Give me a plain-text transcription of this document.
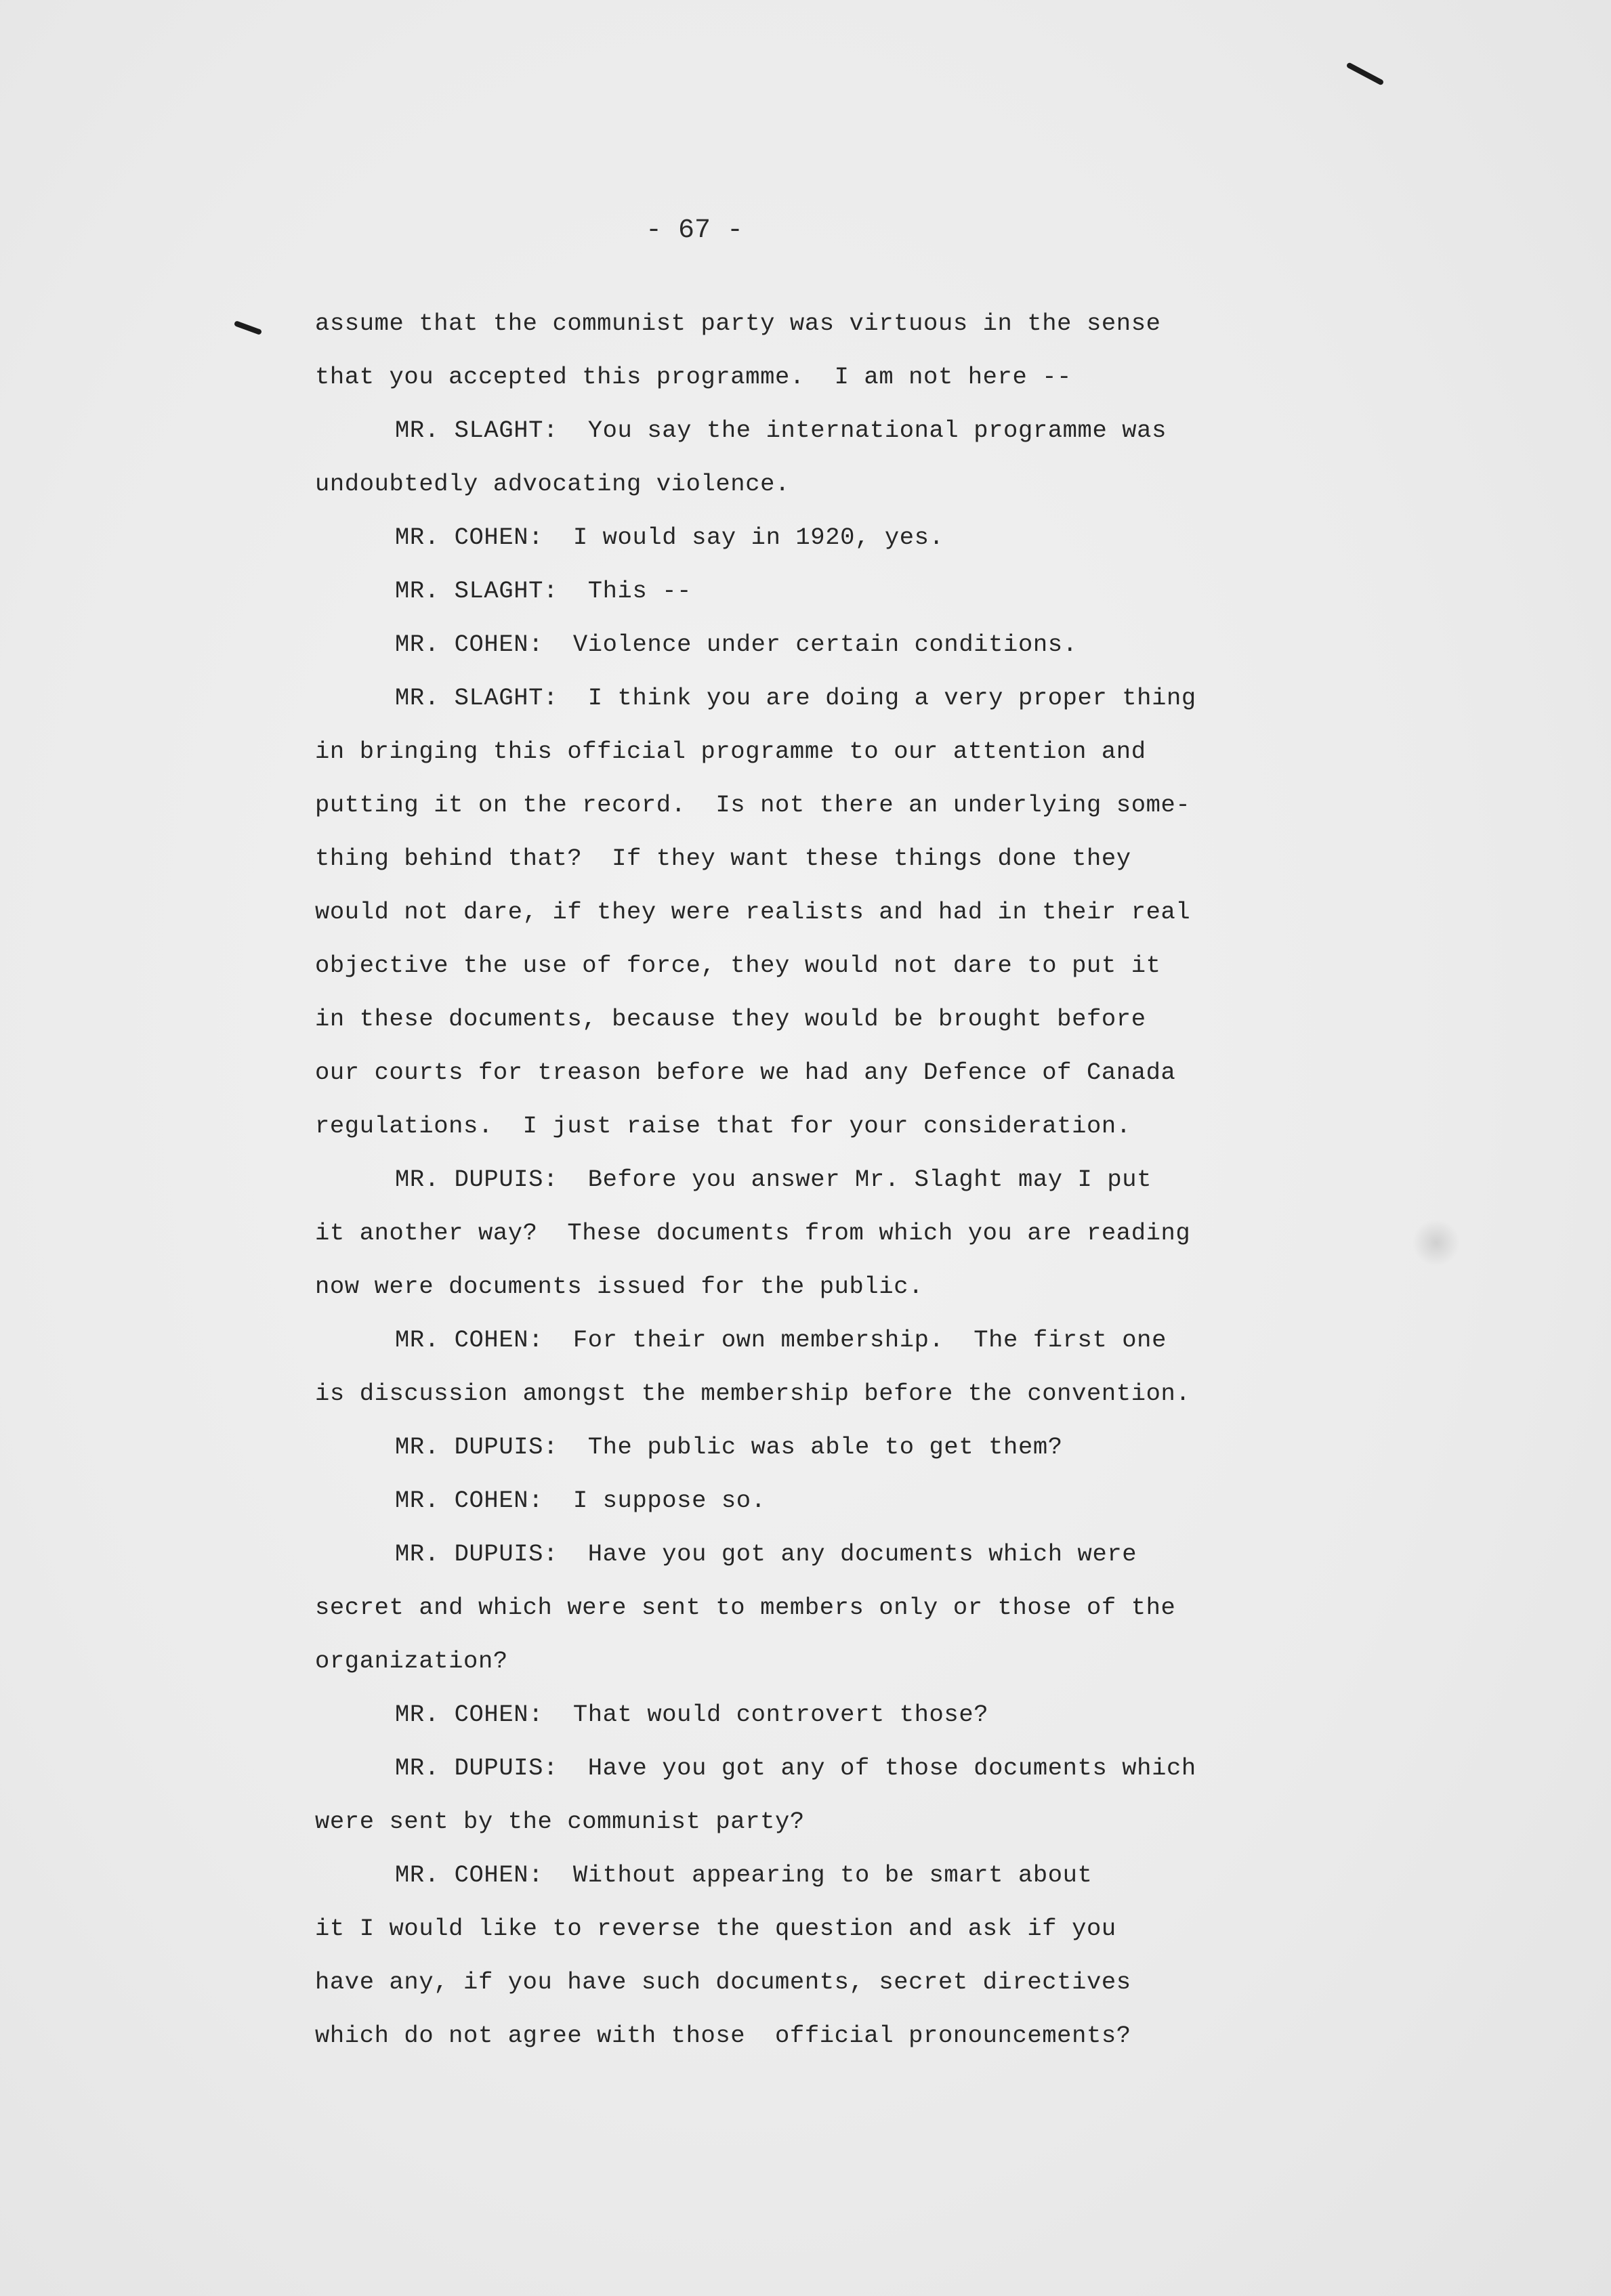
- 67 -
assume that the communist party was virtuous in the sense
that you accepted this programme.  I am not here --
MR. SLAGHT:  You say the international programme was
undoubtedly advocating violence.
MR. COHEN:  I would say in 1920, yes.
MR. SLAGHT:  This --
MR. COHEN:  Violence under certain conditions.
MR. SLAGHT:  I think you are doing a very proper thing
in bringing this official programme to our attention and
putting it on the record.  Is not there an underlying some-
thing behind that?  If they want these things done they
would not dare, if they were realists and had in their real
objective the use of force, they would not dare to put it
in these documents, because they would be brought before
our courts for treason before we had any Defence of Canada
regulations.  I just raise that for your consideration.
MR. DUPUIS:  Before you answer Mr. Slaght may I put
it another way?  These documents from which you are reading
now were documents issued for the public.
MR. COHEN:  For their own membership.  The first one
is discussion amongst the membership before the convention.
MR. DUPUIS:  The public was able to get them?
MR. COHEN:  I suppose so.
MR. DUPUIS:  Have you got any documents which were
secret and which were sent to members only or those of the
organization?
MR. COHEN:  That would controvert those?
MR. DUPUIS:  Have you got any of those documents which
were sent by the communist party?
MR. COHEN:  Without appearing to be smart about
it I would like to reverse the question and ask if you
have any, if you have such documents, secret directives
which do not agree with those  official pronouncements?
